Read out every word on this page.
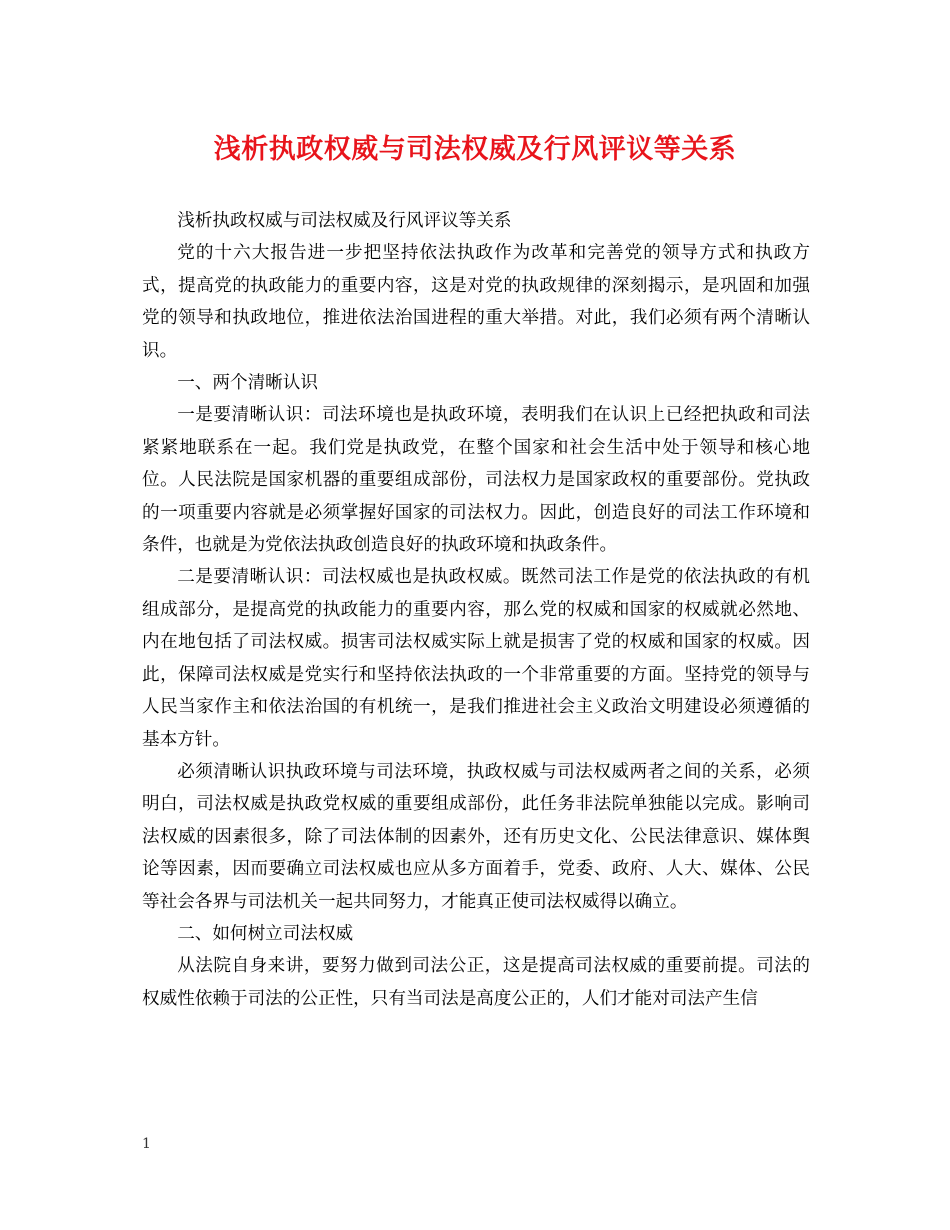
浅析执政权威与司法权威及行风评议等关系

浅析执政权威与司法权威及行风评议等关系

党的十六大报告进一步把坚持依法执政作为改革和完善党的领导方式和执政方式，提高党的执政能力的重要内容，这是对党的执政规律的深刻揭示，是巩固和加强党的领导和执政地位，推进依法治国进程的重大举措。对此，我们必须有两个清晰认识。

一、两个清晰认识

一是要清晰认识：司法环境也是执政环境，表明我们在认识上已经把执政和司法紧紧地联系在一起。我们党是执政党，在整个国家和社会生活中处于领导和核心地位。人民法院是国家机器的重要组成部份，司法权力是国家政权的重要部份。党执政的一项重要内容就是必须掌握好国家的司法权力。因此，创造良好的司法工作环境和条件，也就是为党依法执政创造良好的执政环境和执政条件。

二是要清晰认识：司法权威也是执政权威。既然司法工作是党的依法执政的有机组成部分，是提高党的执政能力的重要内容，那么党的权威和国家的权威就必然地、内在地包括了司法权威。损害司法权威实际上就是损害了党的权威和国家的权威。因此，保障司法权威是党实行和坚持依法执政的一个非常重要的方面。坚持党的领导与人民当家作主和依法治国的有机统一，是我们推进社会主义政治文明建设必须遵循的基本方针。

必须清晰认识执政环境与司法环境，执政权威与司法权威两者之间的关系，必须明白，司法权威是执政党权威的重要组成部份，此任务非法院单独能以完成。影响司法权威的因素很多，除了司法体制的因素外，还有历史文化、公民法律意识、媒体舆论等因素，因而要确立司法权威也应从多方面着手，党委、政府、人大、媒体、公民等社会各界与司法机关一起共同努力，才能真正使司法权威得以确立。

二、如何树立司法权威

从法院自身来讲，要努力做到司法公正，这是提高司法权威的重要前提。司法的权威性依赖于司法的公正性，只有当司法是高度公正的，人们才能对司法产生信

1
